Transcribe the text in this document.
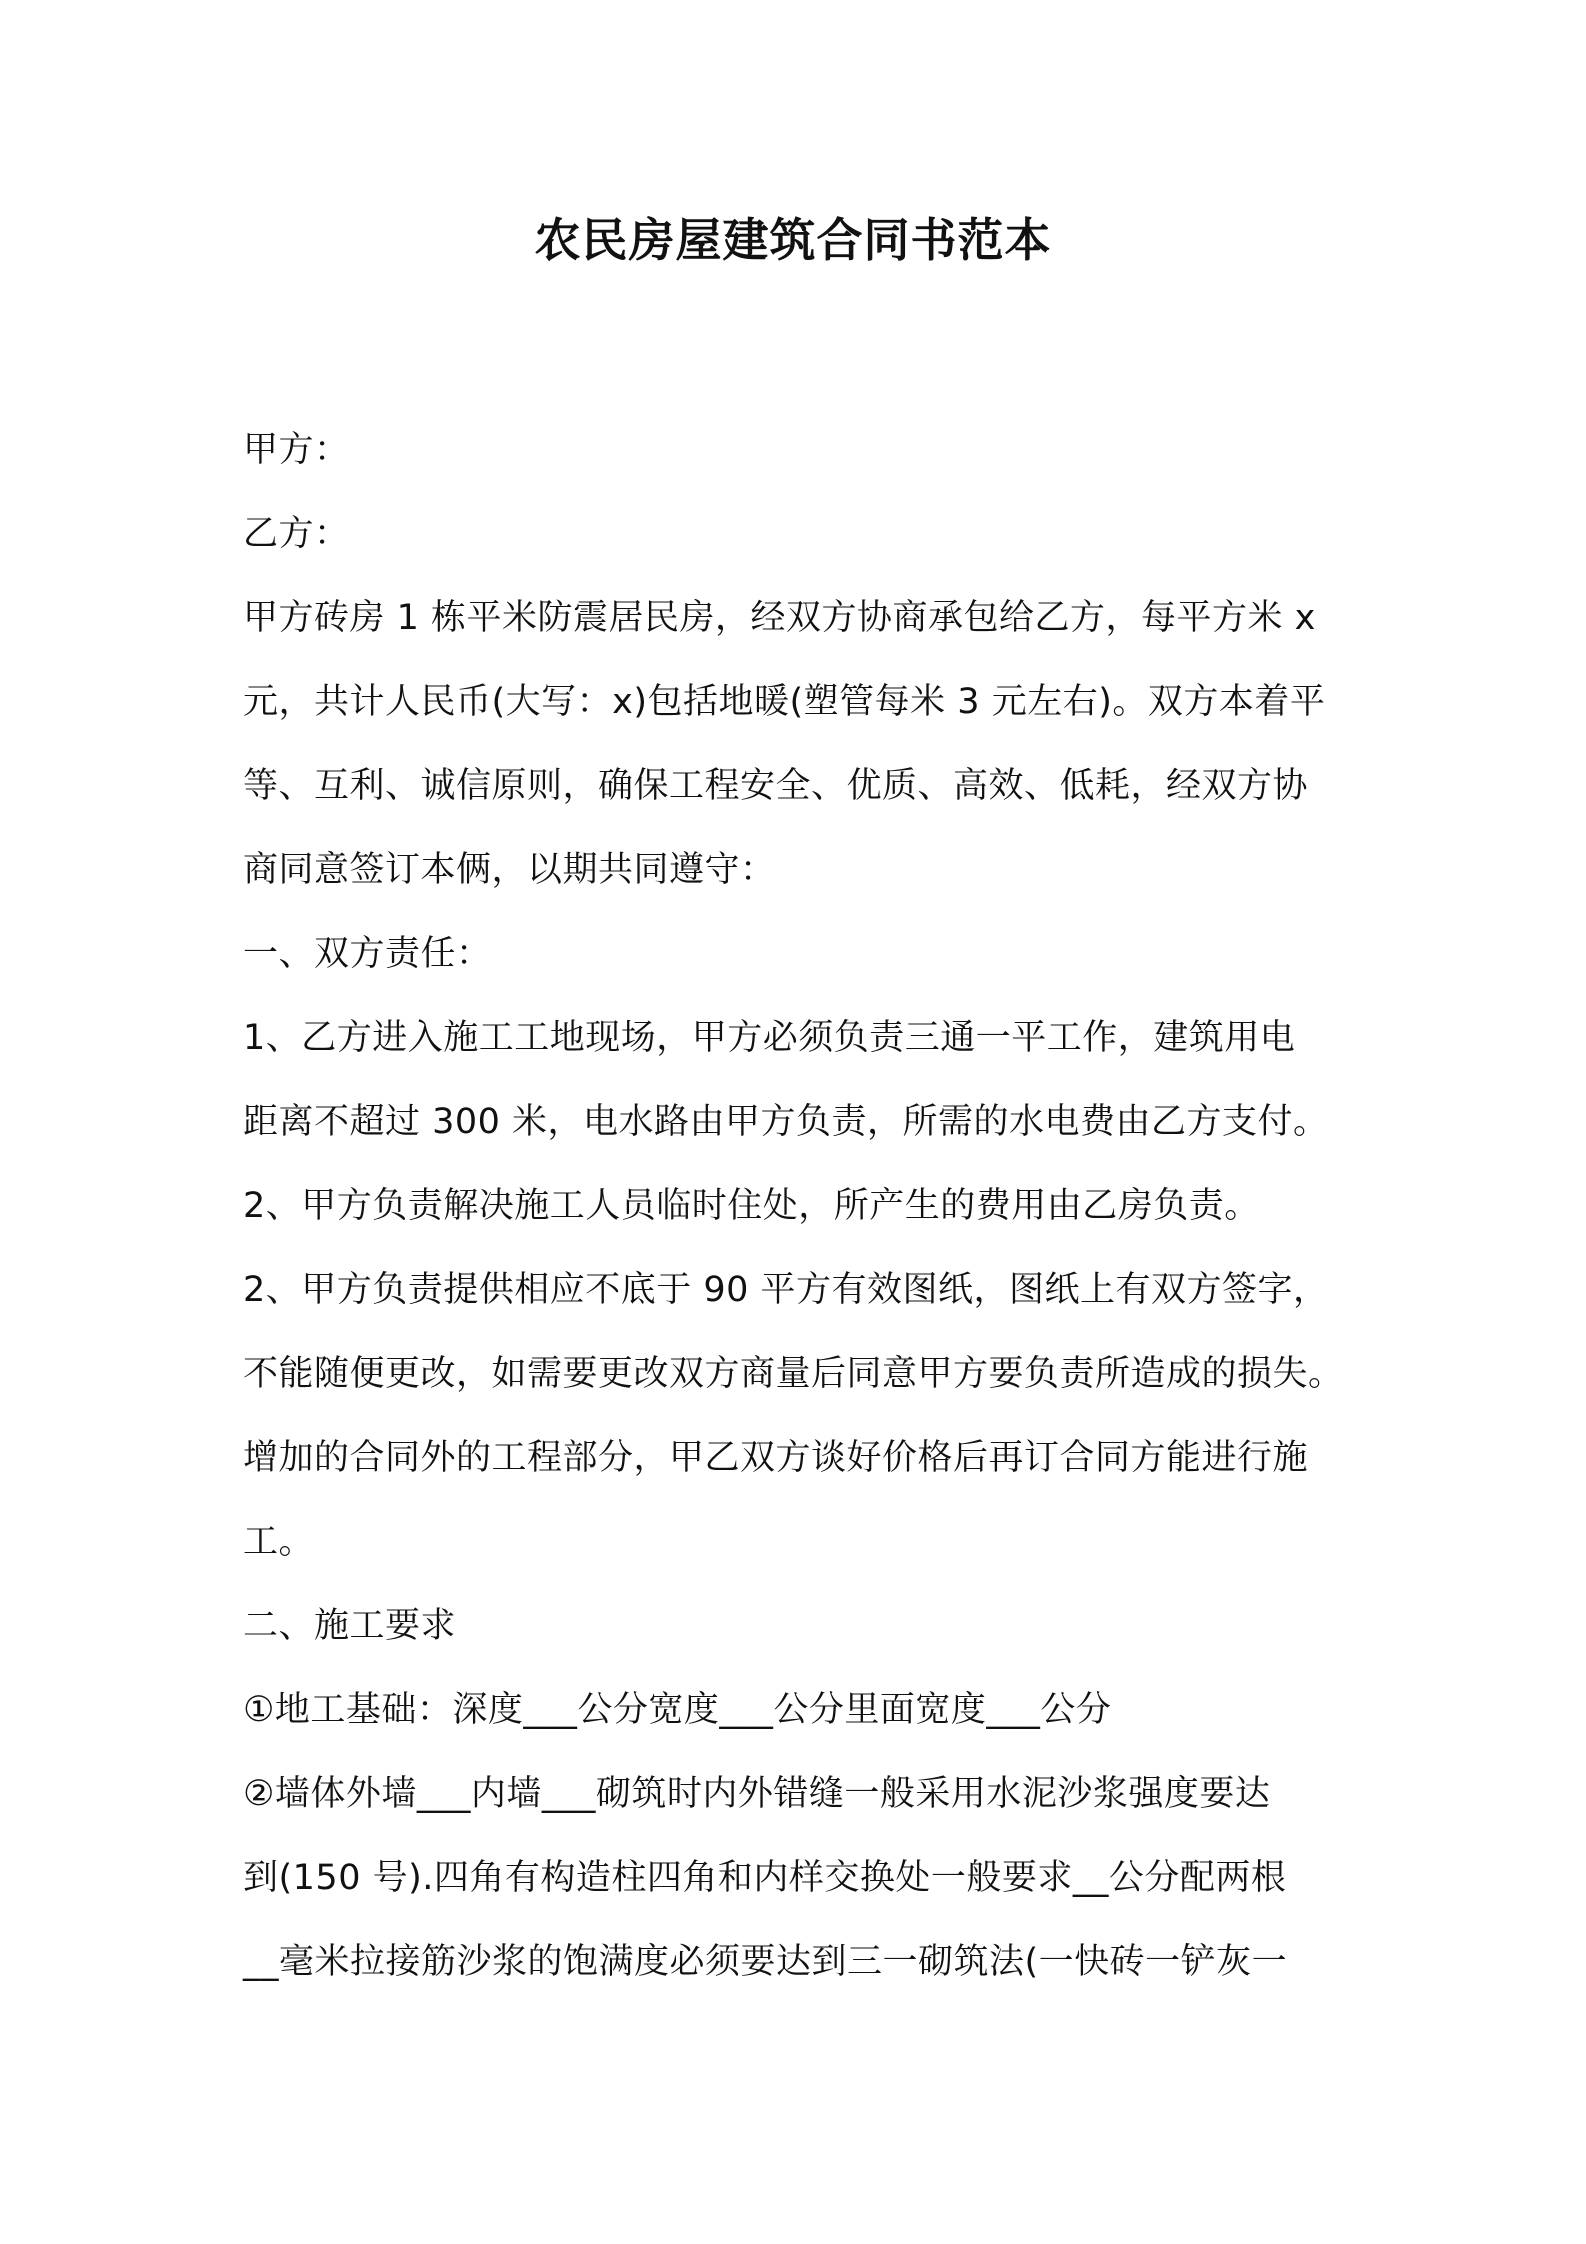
农民房屋建筑合同书范本
甲方：
乙方：
甲方砖房 1 栋平米防震居民房，经双方协商承包给乙方，每平方米 x
元，共计人民币(大写：x)包括地暖(塑管每米 3 元左右)。双方本着平
等、互利、诚信原则，确保工程安全、优质、高效、低耗，经双方协
商同意签订本俩，以期共同遵守：
一、双方责任：
1、乙方进入施工工地现场，甲方必须负责三通一平工作，建筑用电
距离不超过 300 米，电水路由甲方负责，所需的水电费由乙方支付。
2、甲方负责解决施工人员临时住处，所产生的费用由乙房负责。
2、甲方负责提供相应不底于 90 平方有效图纸，图纸上有双方签字，
不能随便更改，如需要更改双方商量后同意甲方要负责所造成的损失。
增加的合同外的工程部分，甲乙双方谈好价格后再订合同方能进行施
工。
二、施工要求
①地工基础：深度___公分宽度___公分里面宽度___公分
②墙体外墙___内墙___砌筑时内外错缝一般采用水泥沙浆强度要达
到(150 号).四角有构造柱四角和内样交换处一般要求__公分配两根
__毫米拉接筋沙浆的饱满度必须要达到三一砌筑法(一快砖一铲灰一
